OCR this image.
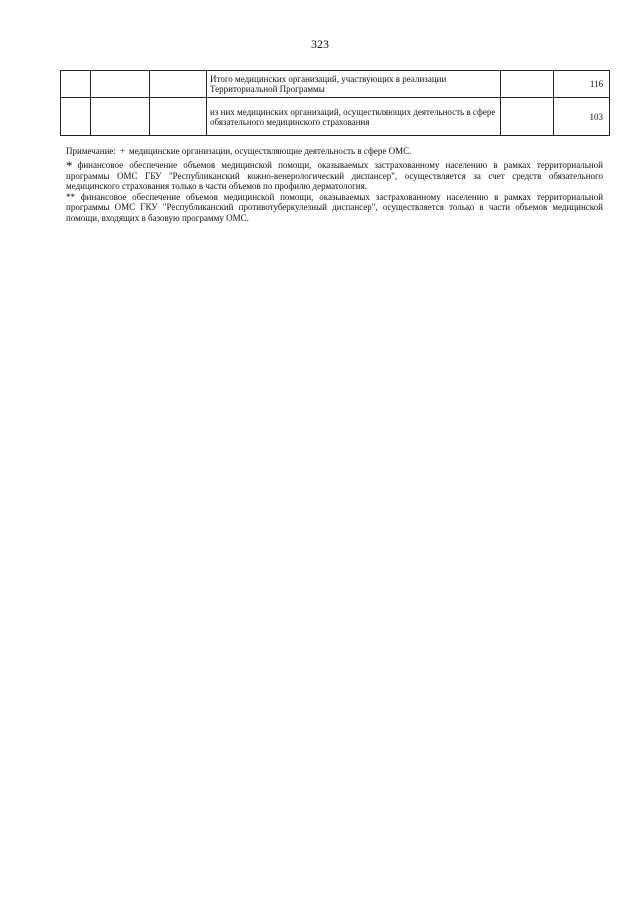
323
			Итого медицинских организаций, участвующих в реализации Территориальной Программы		116
			из них медицинских организаций, осуществляющих деятельность в сфере обязательного медицинского страхования		103

Примечание: + медицинские организации, осуществляющие деятельность в сфере ОМС.

* финансовое обеспечение объемов медицинской помощи, оказываемых застрахованному населению в рамках территориальной программы ОМС ГБУ "Республиканский кожно-венерологический диспансер", осуществляется за счет средств обязательного медицинского страхования только в части объемов по профилю дерматология.

** финансовое обеспечение объемов медицинской помощи, оказываемых застрахованному населению в рамках территориальной программы ОМС ГКУ "Республиканский противотуберкулезный диспансер", осуществляется только в части объемов медицинской помощи, входящих в базовую программу ОМС.
